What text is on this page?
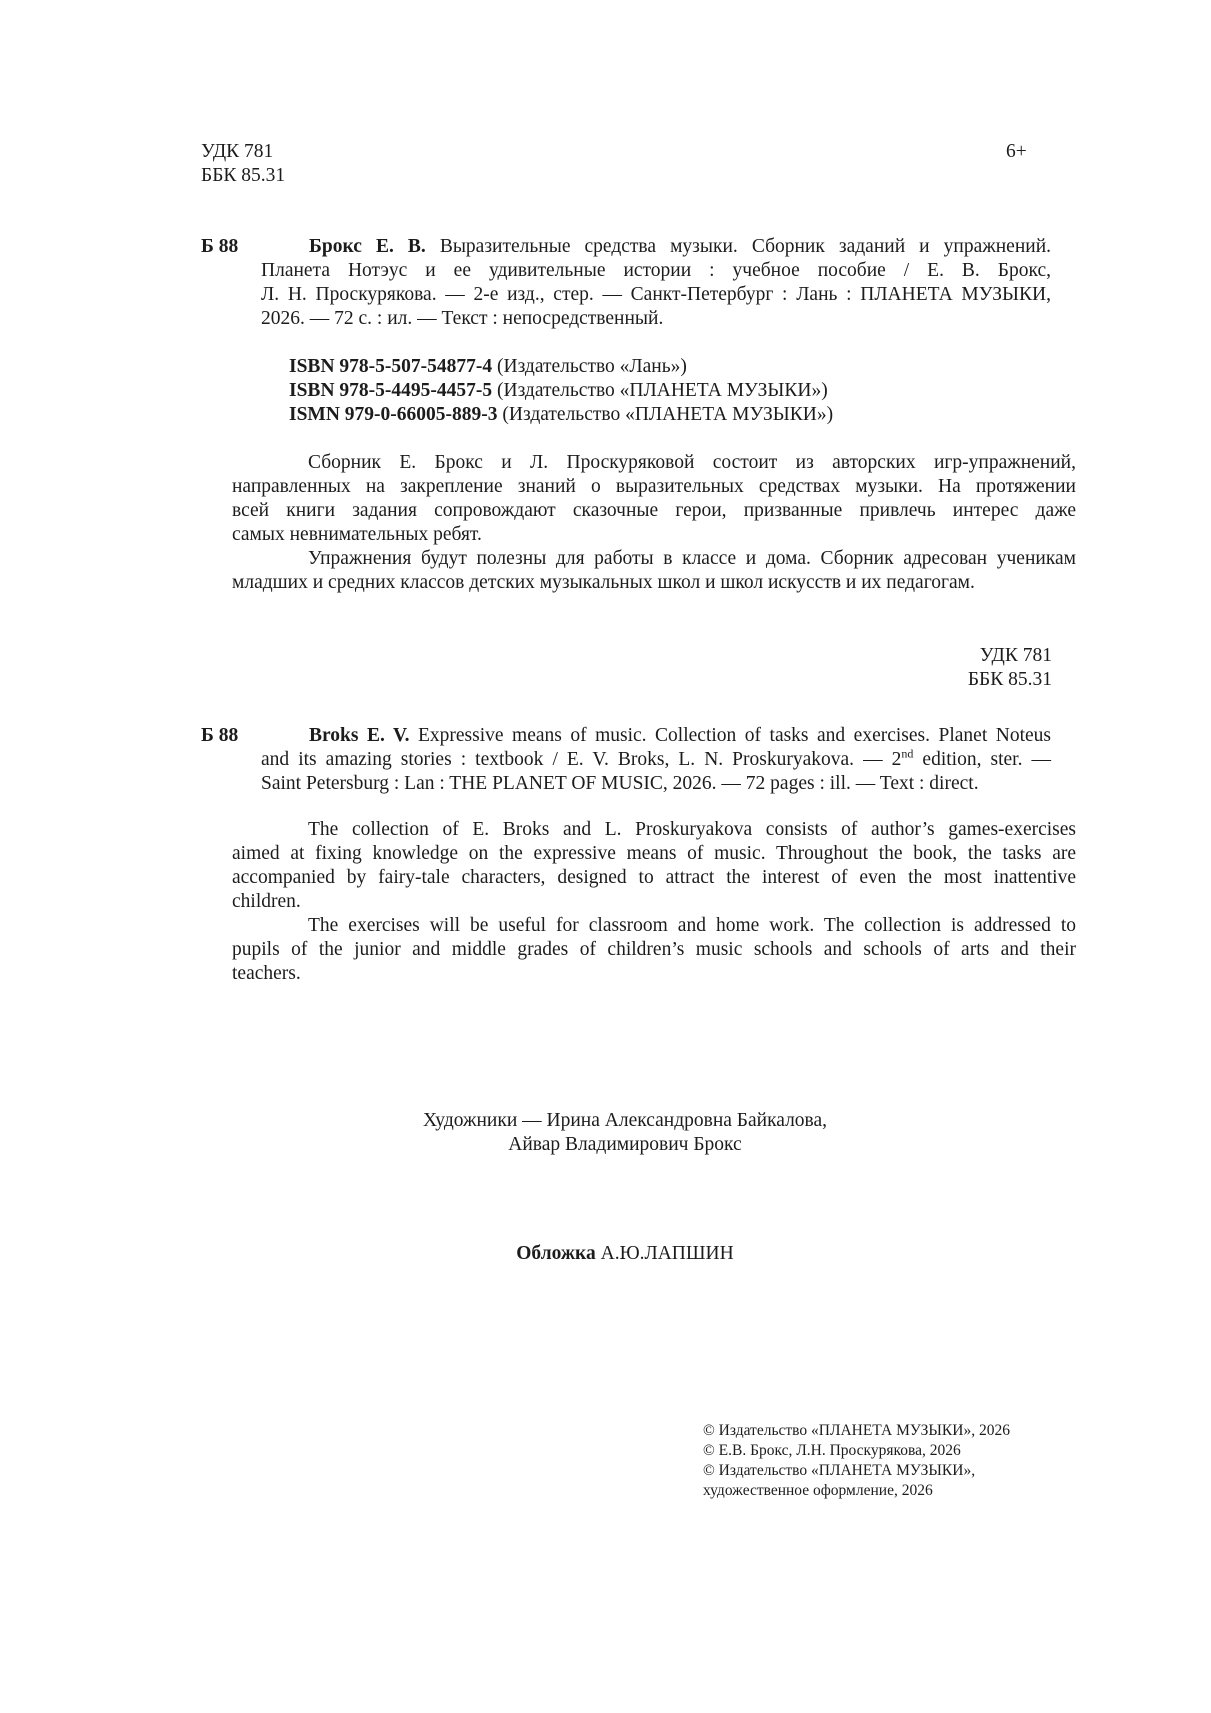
УДК 781
ББК 85.31
6+
Б 88	Брокс Е. В. Выразительные средства музыки. Сборник заданий и упражнений.
Планета Нотэус и ее удивительные истории : учебное пособие / Е. В. Брокс,
Л. Н. Проскурякова. — 2-е изд., стер. — Санкт-Петербург : Лань : ПЛАНЕТА МУЗЫКИ,
2026. — 72 с. : ил. — Текст : непосредственный.
ISBN 978-5-507-54877-4 (Издательство «Лань»)
ISBN 978-5-4495-4457-5 (Издательство «ПЛАНЕТА МУЗЫКИ»)
ISMN 979-0-66005-889-3 (Издательство «ПЛАНЕТА МУЗЫКИ»)
Сборник Е. Брокс и Л. Проскуряковой состоит из авторских игр-упражнений,
направленных на закрепление знаний о выразительных средствах музыки. На протяжении
всей книги задания сопровождают сказочные герои, призванные привлечь интерес даже
самых невнимательных ребят.
Упражнения будут полезны для работы в классе и дома. Сборник адресован ученикам
младших и средних классов детских музыкальных школ и школ искусств и их педагогам.
УДК 781
ББК 85.31
Б 88	Broks E. V. Expressive means of music. Collection of tasks and exercises. Planet Noteus
and its amazing stories : textbook / E. V. Broks, L. N. Proskuryakova. — 2nd edition, ster. —
Saint Petersburg : Lan : THE PLANET OF MUSIC, 2026. — 72 pages : ill. — Text : direct.
The collection of E. Broks and L. Proskuryakova consists of author’s games-exercises
aimed at fixing knowledge on the expressive means of music. Throughout the book, the tasks are
accompanied by fairy-tale characters, designed to attract the interest of even the most inattentive
children.
The exercises will be useful for classroom and home work. The collection is addressed to
pupils of the junior and middle grades of children’s music schools and schools of arts and their
teachers.
Художники — Ирина Александровна Байкалова,
Айвар Владимирович Брокс
Обложка А.Ю.ЛАПШИН
© Издательство «ПЛАНЕТА МУЗЫКИ», 2026
© Е.В. Брокс, Л.Н. Проскурякова, 2026
© Издательство «ПЛАНЕТА МУЗЫКИ»,
художественное оформление, 2026
